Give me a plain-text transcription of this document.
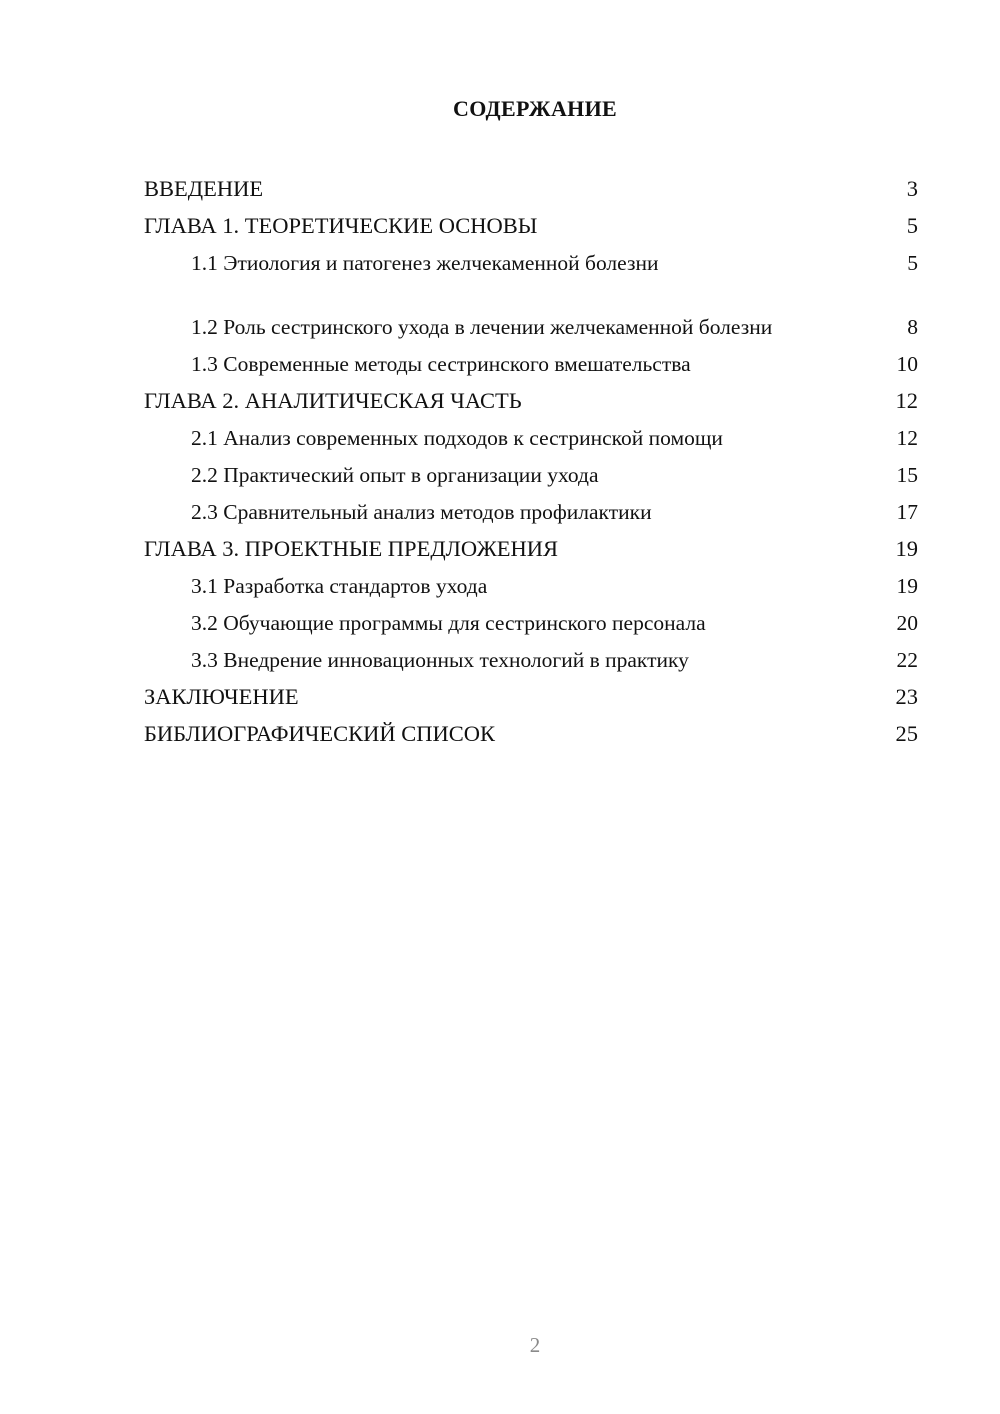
СОДЕРЖАНИЕ
ВВЕДЕНИЕ	3
ГЛАВА 1. ТЕОРЕТИЧЕСКИЕ ОСНОВЫ	5
1.1 Этиология и патогенез желчекаменной болезни	5
1.2 Роль сестринского ухода в лечении желчекаменной болезни	8
1.3 Современные методы сестринского вмешательства	10
ГЛАВА 2. АНАЛИТИЧЕСКАЯ ЧАСТЬ	12
2.1 Анализ современных подходов к сестринской помощи	12
2.2 Практический опыт в организации ухода	15
2.3 Сравнительный анализ методов профилактики	17
ГЛАВА 3. ПРОЕКТНЫЕ ПРЕДЛОЖЕНИЯ	19
3.1 Разработка стандартов ухода	19
3.2 Обучающие программы для сестринского персонала	20
3.3 Внедрение инновационных технологий в практику	22
ЗАКЛЮЧЕНИЕ	23
БИБЛИОГРАФИЧЕСКИЙ СПИСОК	25
2
